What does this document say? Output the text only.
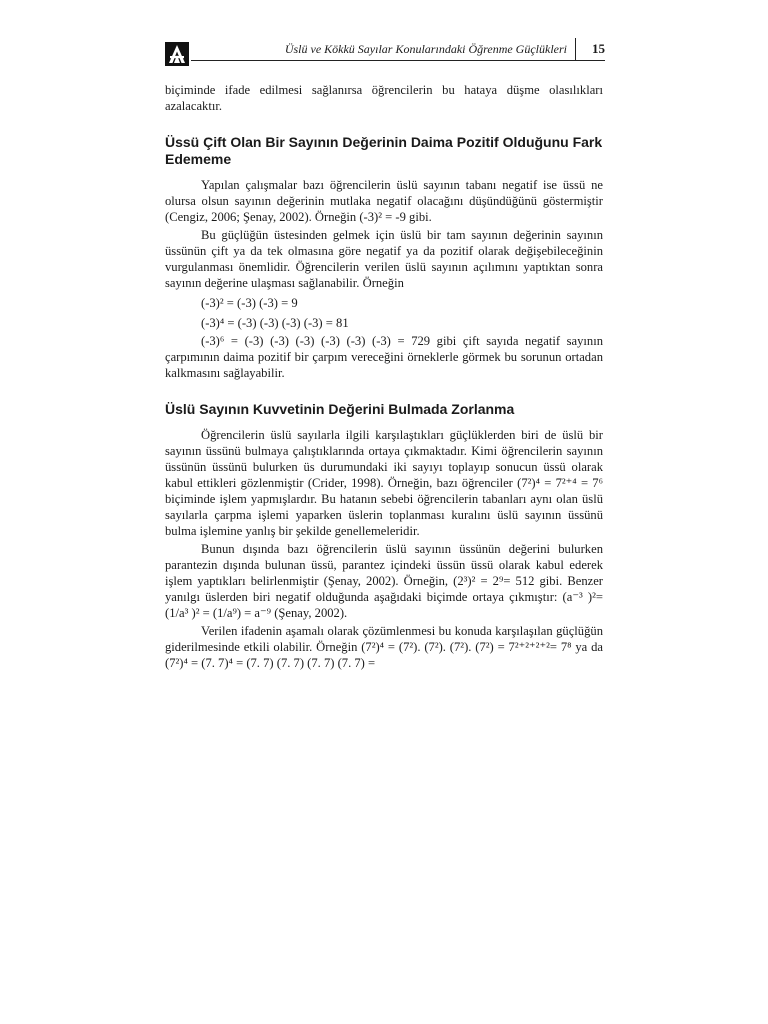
Üslü ve Kökkü Sayılar Konularındaki Öğrenme Güçlükleri	15

biçiminde ifade edilmesi sağlanırsa öğrencilerin bu hataya düşme olasılıkları azalacaktır.

Üssü Çift Olan Bir Sayının Değerinin Daima Pozitif Olduğunu Fark Edememe

Yapılan çalışmalar bazı öğrencilerin üslü sayının tabanı negatif ise üssü ne olursa olsun sayının değerinin mutlaka negatif olacağını düşündüğünü göstermiştir (Cengiz, 2006; Şenay, 2002). Örneğin (-3)² = -9 gibi.

Bu güçlüğün üstesinden gelmek için üslü bir tam sayının değerinin sayının üssünün çift ya da tek olmasına göre negatif ya da pozitif olarak değişebileceğinin vurgulanması önemlidir. Öğrencilerin verilen üslü sayının açılımını yaptıktan sonra sayının değerine ulaşması sağlanabilir. Örneğin

(-3)² = (-3) (-3) = 9

(-3)⁴ = (-3) (-3) (-3) (-3) = 81

(-3)⁶ = (-3) (-3) (-3) (-3) (-3) (-3) = 729 gibi çift sayıda negatif sayının çarpımının daima pozitif bir çarpım vereceğini örneklerle görmek bu sorunun ortadan kalkmasını sağlayabilir.

Üslü Sayının Kuvvetinin Değerini Bulmada Zorlanma

Öğrencilerin üslü sayılarla ilgili karşılaştıkları güçlüklerden biri de üslü bir sayının üssünü bulmaya çalıştıklarında ortaya çıkmaktadır. Kimi öğrencilerin sayının üssünün üssünü bulurken üs durumundaki iki sayıyı toplayıp sonucun üssü olarak kabul ettikleri gözlenmiştir (Crider, 1998). Örneğin, bazı öğrenciler (7²)⁴ = 7²⁺⁴ = 7⁶ biçiminde işlem yapmışlardır. Bu hatanın sebebi öğrencilerin tabanları aynı olan üslü sayılarla çarpma işlemi yaparken üslerin toplanması kuralını üslü sayının üssünü bulma işlemine yanlış bir şekilde genellemeleridir.

Bunun dışında bazı öğrencilerin üslü sayının üssünün değerini bulurken parantezin dışında bulunan üssü, parantez içindeki üssün üssü olarak kabul ederek işlem yaptıkları belirlenmiştir (Şenay, 2002). Örneğin, (2³)² = 2⁹= 512 gibi. Benzer yanılgı üslerden biri negatif olduğunda aşağıdaki biçimde ortaya çıkmıştır: (a⁻³ )²= (1/a³ )² = (1/a⁹) = a⁻⁹ (Şenay, 2002).

Verilen ifadenin aşamalı olarak çözümlenmesi bu konuda karşılaşılan güçlüğün giderilmesinde etkili olabilir. Örneğin (7²)⁴ = (7²). (7²). (7²). (7²) = 7²⁺²⁺²⁺²= 7⁸ ya da (7²)⁴ = (7. 7)⁴ = (7. 7) (7. 7) (7. 7) (7. 7) =
